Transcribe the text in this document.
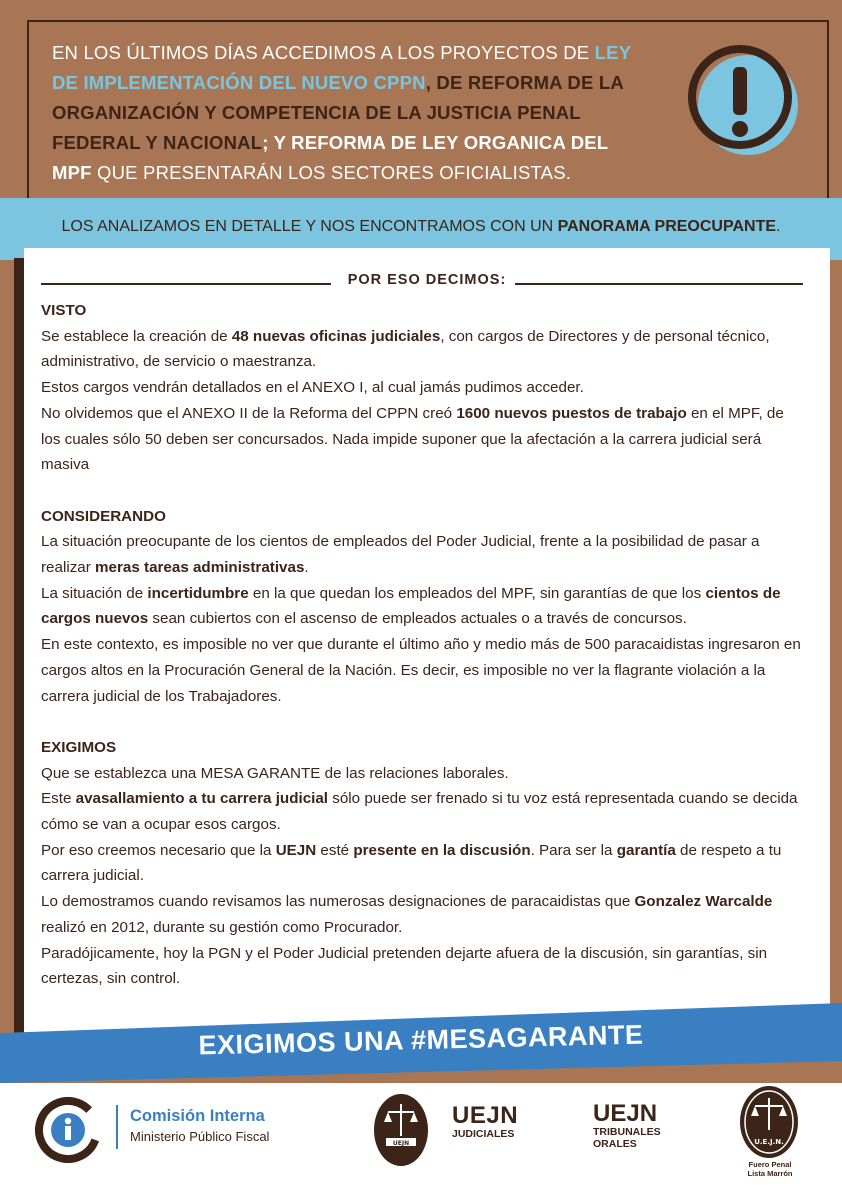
EN LOS ÚLTIMOS DÍAS ACCEDIMOS A LOS PROYECTOS DE LEY DE IMPLEMENTACIÓN DEL NUEVO CPPN, DE REFORMA DE LA ORGANIZACIÓN Y COMPETENCIA DE LA JUSTICIA PENAL FEDERAL Y NACIONAL; Y REFORMA DE LEY ORGANICA DEL MPF QUE PRESENTARÁN LOS SECTORES OFICIALISTAS.
LOS ANALIZAMOS EN DETALLE Y NOS ENCONTRAMOS CON UN PANORAMA PREOCUPANTE.
POR ESO DECIMOS:
VISTO

Se establece la creación de 48 nuevas oficinas judiciales, con cargos de Directores y de personal técnico, administrativo, de servicio o maestranza.

Estos cargos vendrán detallados en el ANEXO I, al cual jamás pudimos acceder.

No olvidemos que el ANEXO II de la Reforma del CPPN creó 1600 nuevos puestos de trabajo en el MPF, de los cuales sólo 50 deben ser concursados. Nada impide suponer que la afectación a la carrera judicial será masiva

CONSIDERANDO

La situación preocupante de los cientos de empleados del Poder Judicial, frente a la posibilidad de pasar a realizar meras tareas administrativas.

La situación de incertidumbre en la que quedan los empleados del MPF, sin garantías de que los cientos de cargos nuevos sean cubiertos con el ascenso de empleados actuales o a través de concursos.

En este contexto, es imposible no ver que durante el último año y medio más de 500 paracaidistas ingresaron en cargos altos en la Procuración General de la Nación. Es decir, es imposible no ver la flagrante violación a la carrera judicial de los Trabajadores.

EXIGIMOS

Que se establezca una MESA GARANTE de las relaciones laborales.

Este avasallamiento a tu carrera judicial sólo puede ser frenado si tu voz está representada cuando se decida cómo se van a ocupar esos cargos.

Por eso creemos necesario que la UEJN esté presente en la discusión. Para ser la garantía de respeto a tu carrera judicial.

Lo demostramos cuando revisamos las numerosas designaciones de paracaidistas que Gonzalez Warcalde realizó en 2012, durante su gestión como Procurador.

Paradójicamente, hoy la PGN y el Poder Judicial pretenden dejarte afuera de la discusión, sin garantías, sin certezas, sin control.

EXIGIMOS UNA #MESAGARANTE
Comisión Interna
Ministerio Público Fiscal	UEJN
UEJN
JUDICIALES
UEJN
TRIBUNALES
ORALES	U.E.J.N.
Fuero Penal
Lista Marrón
